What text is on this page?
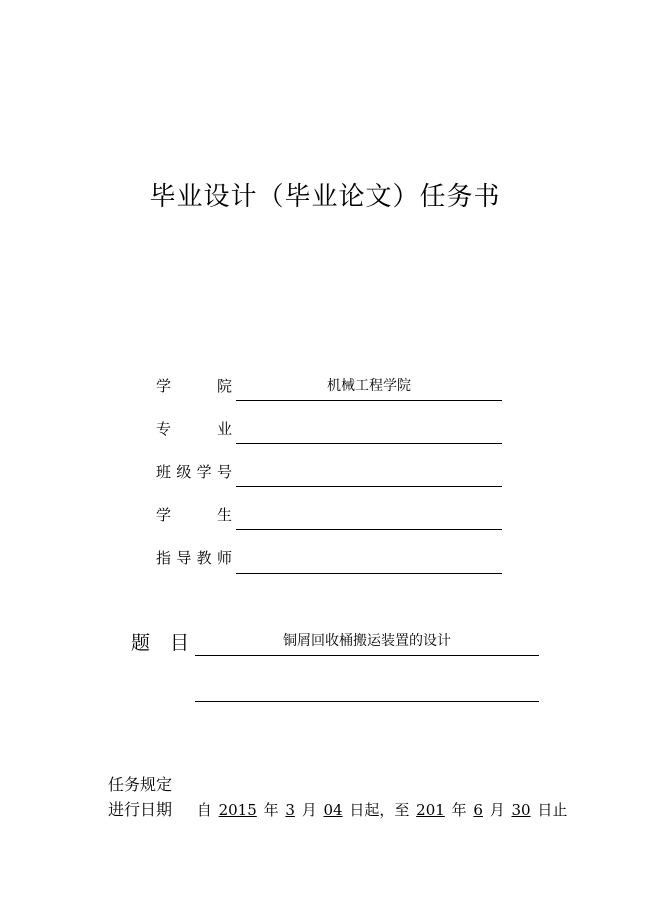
毕业设计（毕业论文）任务书
学	院	机械工程学院
专	业
班 级 学 号
学	生
指 导 教 师
题 目	铜屑回收桶搬运装置的设计
任务规定
进行日期 自 2015 年 3 月 04 日起，至 201 年 6 月 30 日止
